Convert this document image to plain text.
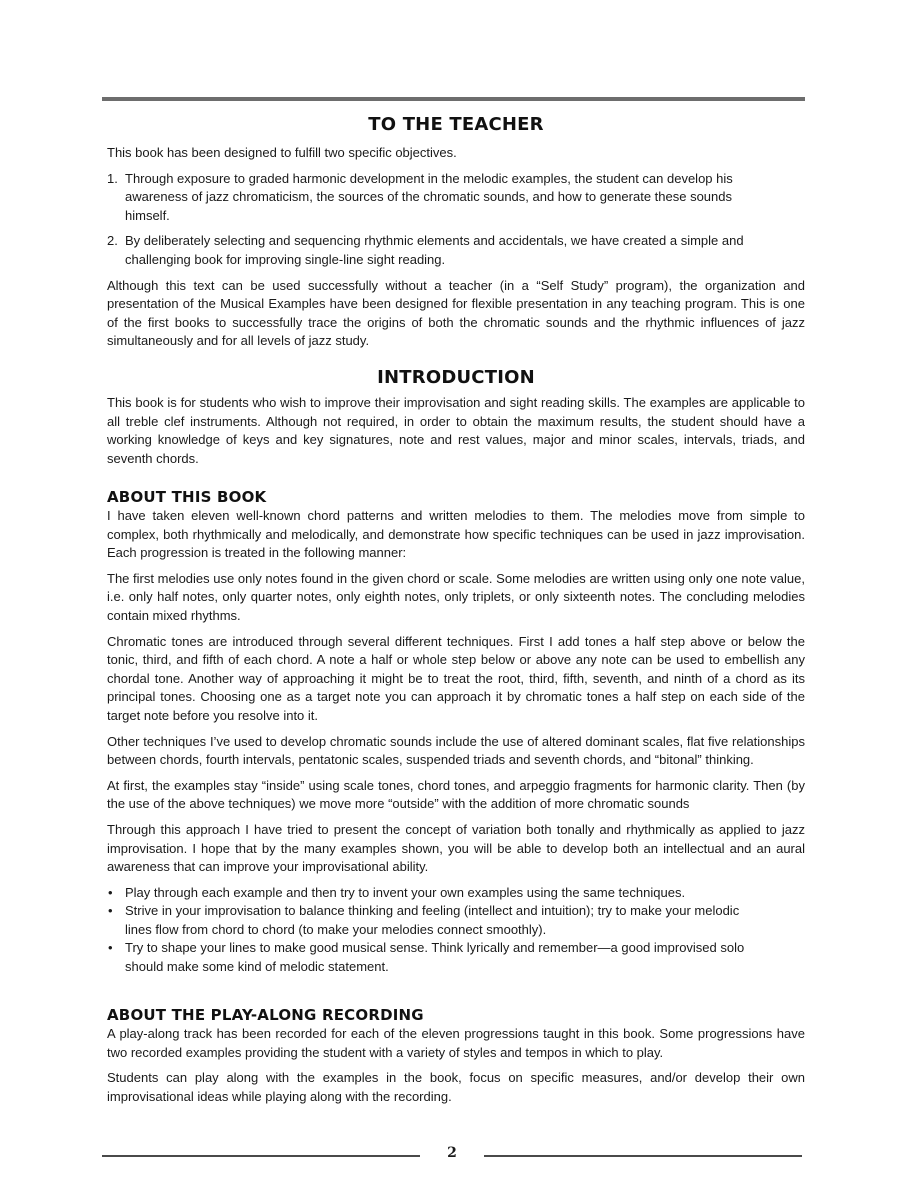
TO THE TEACHER

This book has been designed to fulfill two specific objectives.

1. Through exposure to graded harmonic development in the melodic examples, the student can develop his awareness of jazz chromaticism, the sources of the chromatic sounds, and how to generate these sounds himself.
2. By deliberately selecting and sequencing rhythmic elements and accidentals, we have created a simple and challenging book for improving single-line sight reading.

Although this text can be used successfully without a teacher (in a “Self Study” program), the organization and presentation of the Musical Examples have been designed for flexible presentation in any teaching program. This is one of the first books to successfully trace the origins of both the chromatic sounds and the rhythmic influences of jazz simultaneously and for all levels of jazz study.

INTRODUCTION

This book is for students who wish to improve their improvisation and sight reading skills. The examples are applicable to all treble clef instruments. Although not required, in order to obtain the maximum results, the student should have a working knowledge of keys and key signatures, note and rest values, major and minor scales, intervals, triads, and seventh chords.

ABOUT THIS BOOK

I have taken eleven well-known chord patterns and written melodies to them. The melodies move from simple to complex, both rhythmically and melodically, and demonstrate how specific techniques can be used in jazz improvisation. Each progression is treated in the following manner:

The first melodies use only notes found in the given chord or scale. Some melodies are written using only one note value, i.e. only half notes, only quarter notes, only eighth notes, only triplets, or only sixteenth notes. The concluding melodies contain mixed rhythms.

Chromatic tones are introduced through several different techniques. First I add tones a half step above or below the tonic, third, and fifth of each chord. A note a half or whole step below or above any note can be used to embellish any chordal tone. Another way of approaching it might be to treat the root, third, fifth, seventh, and ninth of a chord as its principal tones. Choosing one as a target note you can approach it by chromatic tones a half step on each side of the target note before you resolve into it.

Other techniques I’ve used to develop chromatic sounds include the use of altered dominant scales, flat five relationships between chords, fourth intervals, pentatonic scales, suspended triads and seventh chords, and “bitonal” thinking.

At first, the examples stay “inside” using scale tones, chord tones, and arpeggio fragments for harmonic clarity. Then (by the use of the above techniques) we move more “outside” with the addition of more chromatic sounds

Through this approach I have tried to present the concept of variation both tonally and rhythmically as applied to jazz improvisation. I hope that by the many examples shown, you will be able to develop both an intellectual and an aural awareness that can improve your improvisational ability.

• Play through each example and then try to invent your own examples using the same techniques.
• Strive in your improvisation to balance thinking and feeling (intellect and intuition); try to make your melodic lines flow from chord to chord (to make your melodies connect smoothly).
• Try to shape your lines to make good musical sense. Think lyrically and remember—a good improvised solo should make some kind of melodic statement.
ABOUT THE PLAY-ALONG RECORDING

A play-along track has been recorded for each of the eleven progressions taught in this book. Some progressions have two recorded examples providing the student with a variety of styles and tempos in which to play.

Students can play along with the examples in the book, focus on specific measures, and/or develop their own improvisational ideas while playing along with the recording.

2
